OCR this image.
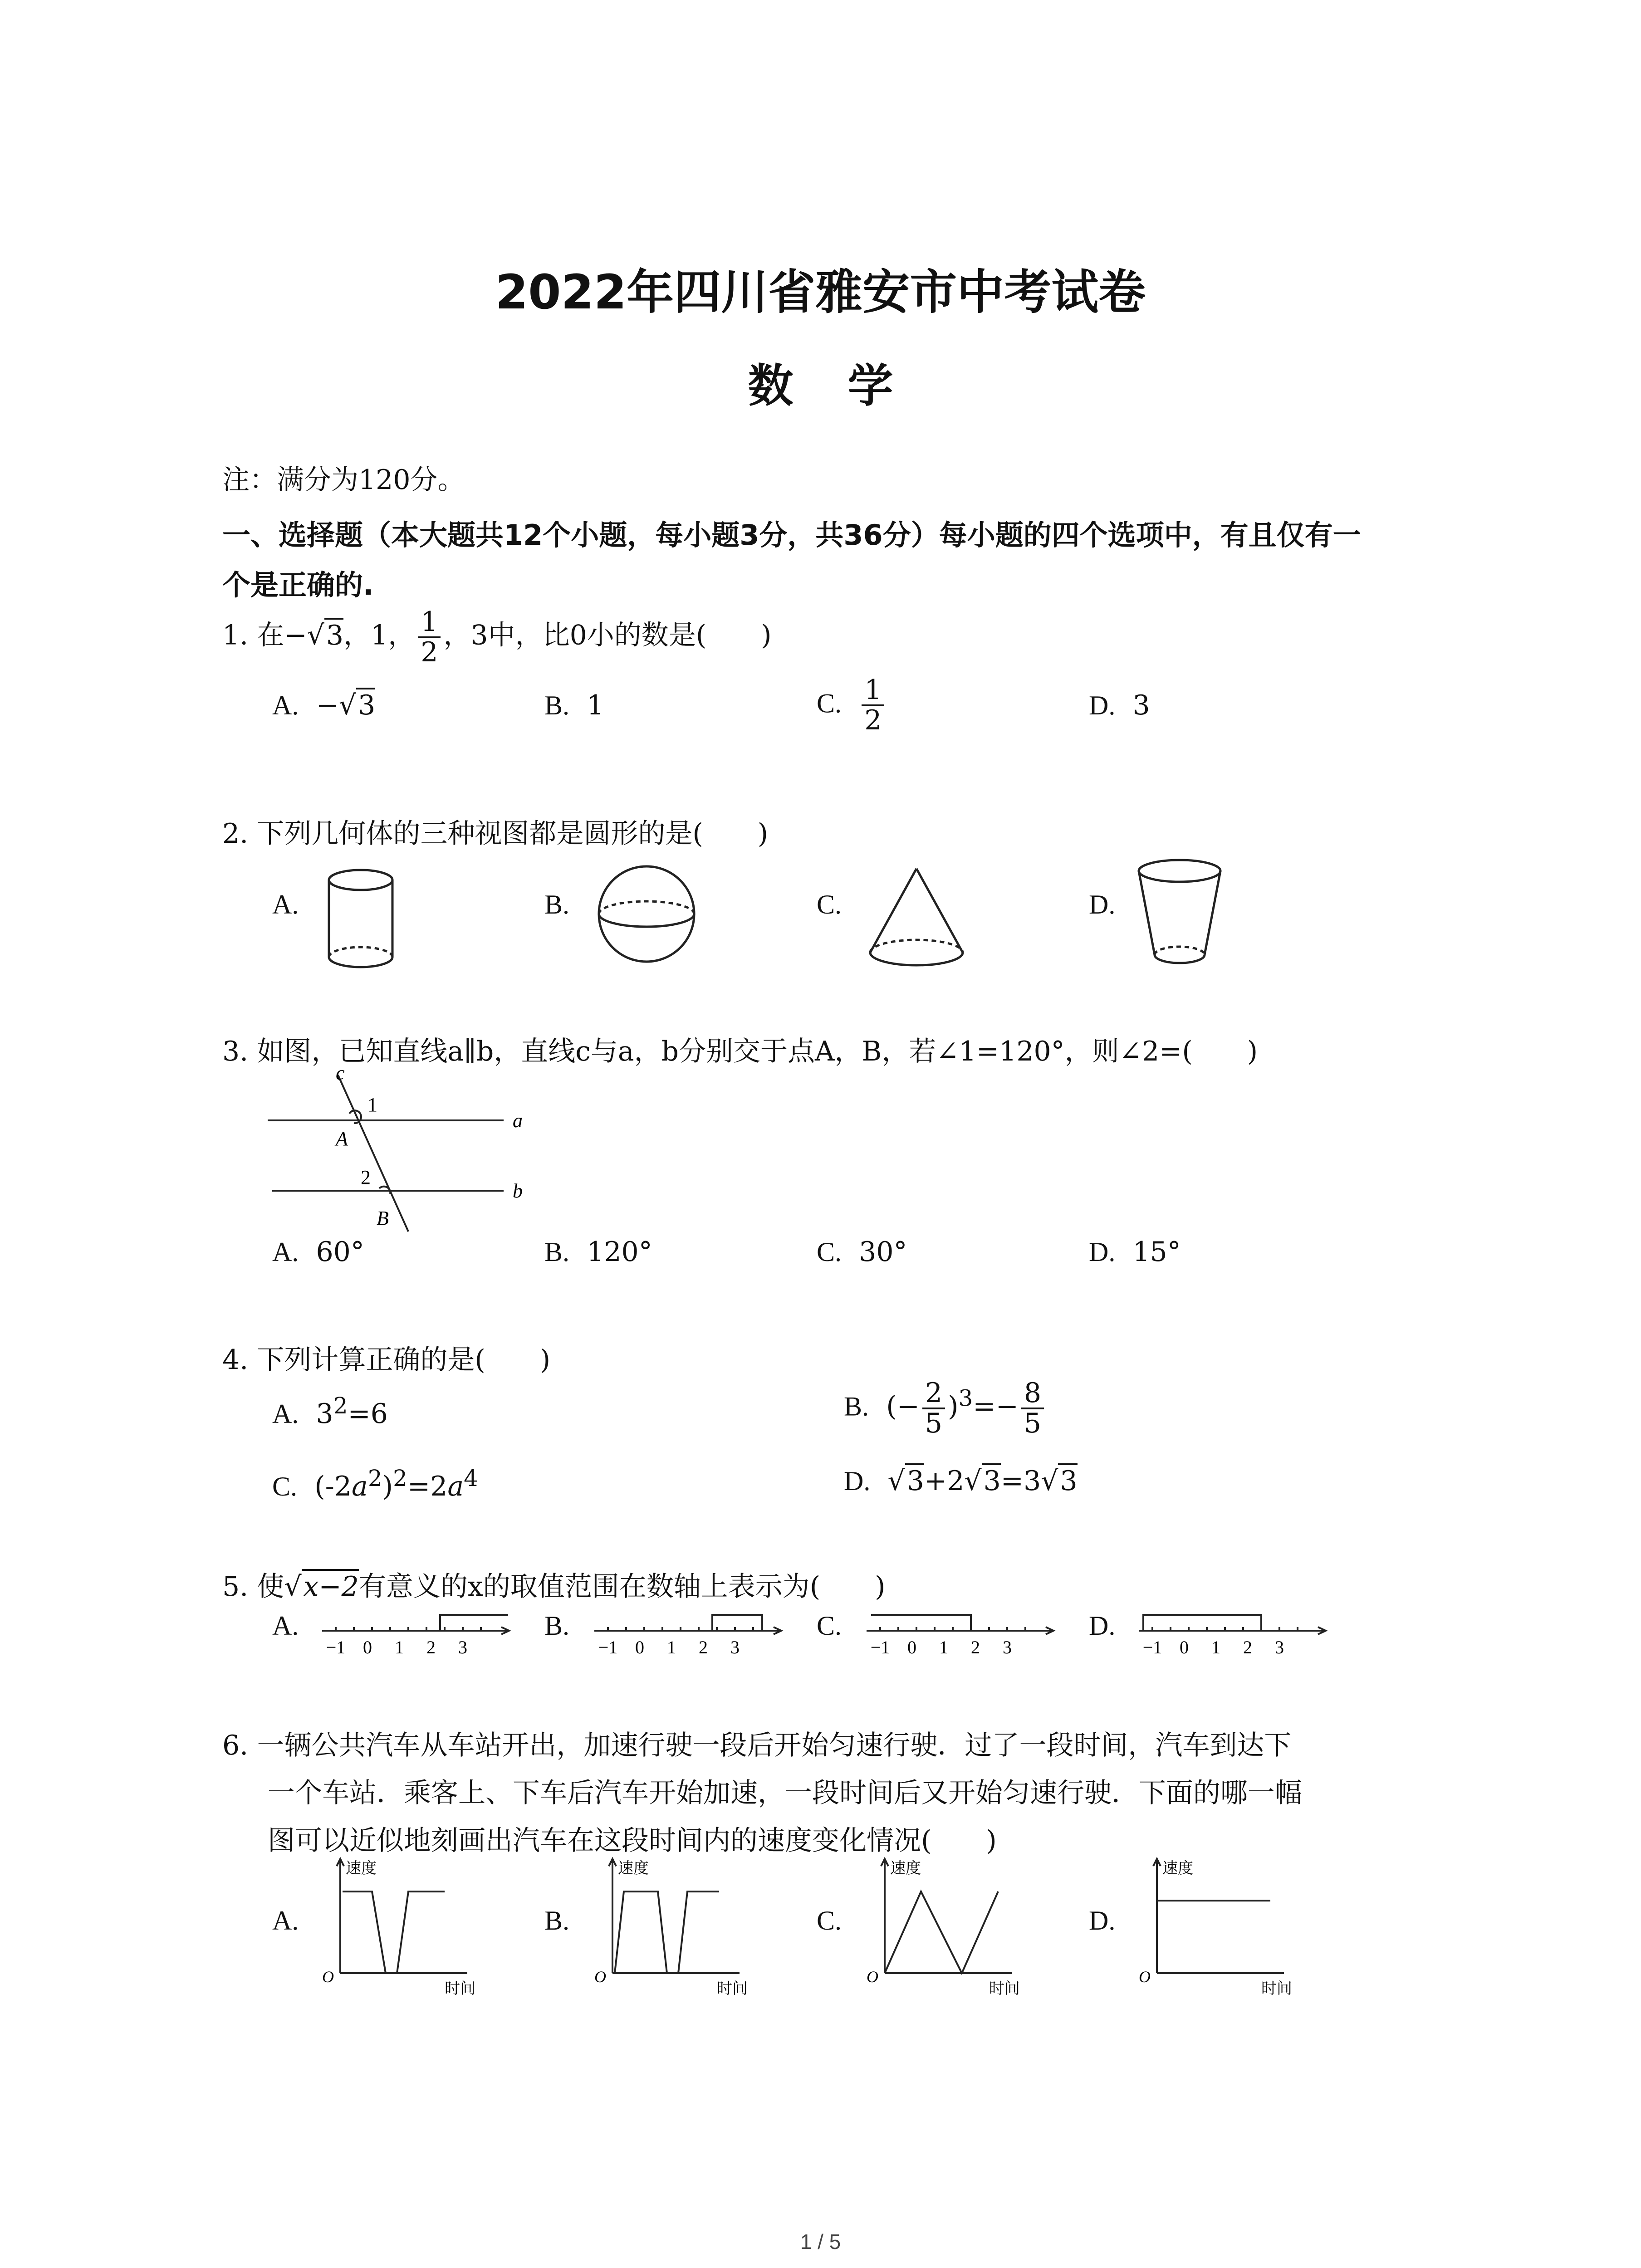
2022年四川省雅安市中考试卷
数学
注：满分为120分。
一、选择题（本大题共12个小题，每小题3分，共36分）每小题的四个选项中，有且仅有一
个是正确的.
1. 在−√3，1， $\frac{1}{2}$ ，3中，比0小的数是(　　)
A. −√3	B. 1	C. $\frac{1}{2}$	D. 3
2. 下列几何体的三种视图都是圆形的是(　　)
A.	B.	C.	D.
3. 如图，已知直线a∥b，直线c与a，b分别交于点A，B，若∠1=120°，则∠2=(　　)
c
1
a
A
2
b
B
A. 60°	B. 120°	C. 30°	D. 15°
4. 下列计算正确的是(　　)
A. $3^2=6$	B. (− $\frac{2}{5} )^3=- \frac{8}{5}$
C. $(-2a^2)^2=2a^4$	D. √3+2√3=3√3
5. 使√x−2有意义的x的取值范围在数轴上表示为(　　)
A.	B.	C.	D.
−1 0 1 2 3	−1 0 1 2 3	−1 0 1 2 3	−1 0 1 2 3
6. 一辆公共汽车从车站开出，加速行驶一段后开始匀速行驶．过了一段时间，汽车到达下
一个车站．乘客上、下车后汽车开始加速，一段时间后又开始匀速行驶．下面的哪一幅
图可以近似地刻画出汽车在这段时间内的速度变化情况(　　)
A.	B.	C.	D.
速度
O
时间
速度
O
时间
速度
O
时间
速度
O
时间
1 / 5
